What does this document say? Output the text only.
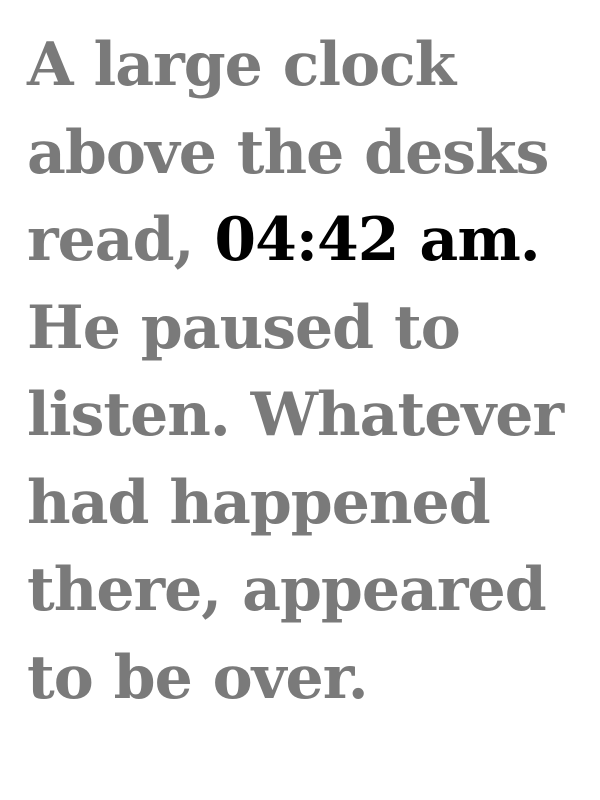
A large clock
above the desks
read, 04:42 am.
He paused to
listen. Whatever
had happened
there, appeared
to be over.
